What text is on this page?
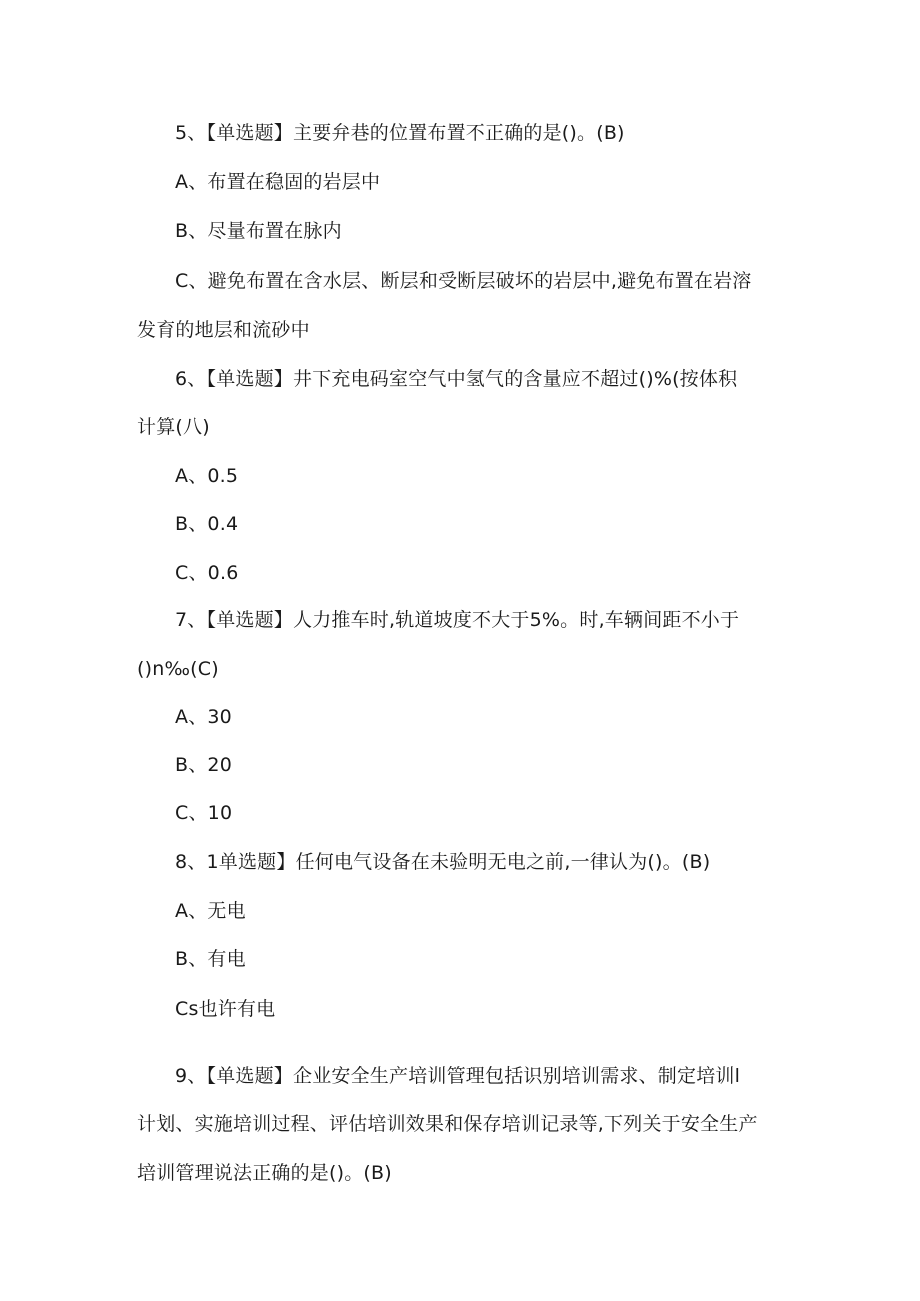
5、【单选题】主要弁巷的位置布置不正确的是()。(B)
A、布置在稳固的岩层中
B、尽量布置在脉内
C、避免布置在含水层、断层和受断层破坏的岩层中,避免布置在岩溶
发育的地层和流砂中
6、【单选题】井下充电码室空气中氢气的含量应不超过()%(按体积
计算(八)
A、0.5
B、0.4
C、0.6
7、【单选题】人力推车时,轨道坡度不大于5%。时,车辆间距不小于
()n‰(C)
A、30
B、20
C、10
8、1单选题】任何电气设备在未验明无电之前,一律认为()。(B)
A、无电
B、有电
Cs也许有电
9、【单选题】企业安全生产培训管理包括识别培训需求、制定培训l
计划、实施培训过程、评估培训效果和保存培训记录等,下列关于安全生产
培训管理说法正确的是()。(B)
